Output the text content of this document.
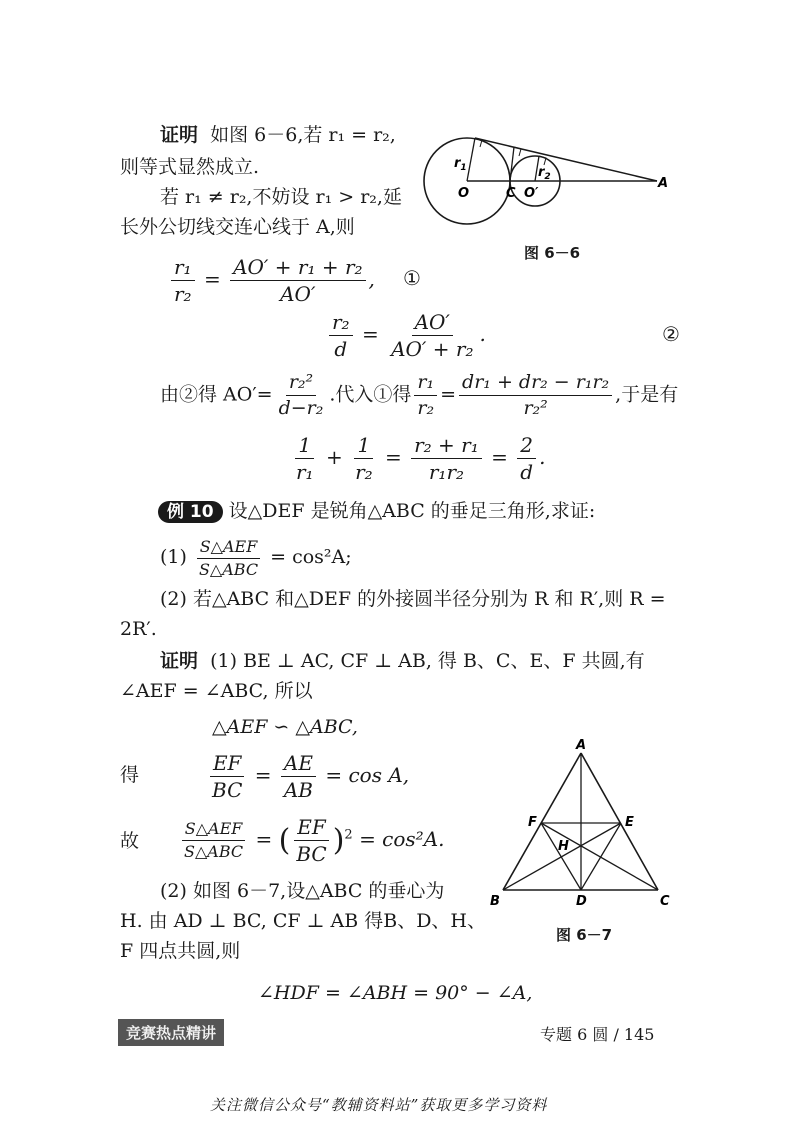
证明 如图 6－6,若 r₁ = r₂,
则等式显然成立.
若 r₁ ≠ r₂,不妨设 r₁ > r₂,延
长外公切线交连心线于 A,则
$r_1$	$r_2$
O	C O′
A
图 6－6
$\frac{\text{r₁}}{\text{r₂}} = \frac{\text{AO′ + r₁ + r₂}}{AO'}$ , ①
$\frac{\text{r₂}}{d} = \frac{AO'}{\text{AO′ + r₂}}$ .	②
由②得 $AO'= \frac{\text{r₂²}}{\text{d−r₂}}$ .代入①得 $\frac{\text{r₁}}{\text{r₂}} = \frac{\text{dr₁ + dr₂ − r₁r₂}}{\text{r₂²}}$ ,于是有
$\frac{1}{\text{r₁}} + \frac{1}{\text{r₂}} = \frac{\text{r₂ + r₁}}{\text{r₁r₂}} = \frac{2}{d}$ .
例 10 设△DEF 是锐角△ABC 的垂足三角形,求证:
$(1) \frac{\text{S△AEF}}{\text{S△ABC}} = \cos^2A$;
(2) 若△ABC 和△DEF 的外接圆半径分别为 R 和 R′,则 R =
2R′.
证明 (1) BE ⊥ AC, CF ⊥ AB, 得 B、C、E、F 共圆,有
∠AEF = ∠ABC, 所以
△AEF ∽ △ABC,
得	$\frac{EF}{BC} = \frac{AE}{AB} = \cos A$,
故	$\frac{\text{S△AEF}}{\text{S△ABC}}$ = ( $\frac{EF}{BC} )^2 = \cos^2A$.
(2) 如图 6－7,设△ABC 的垂心为
H. 由 AD ⊥ BC, CF ⊥ AB 得B、D、H、
F 四点共圆,则
∠HDF = ∠ABH = 90° − ∠A,
A
B	C
D
E
F
H
图 6－7
竞赛热点精讲	专题 6 圆 / 145
关注微信公众号“教辅资料站”获取更多学习资料
